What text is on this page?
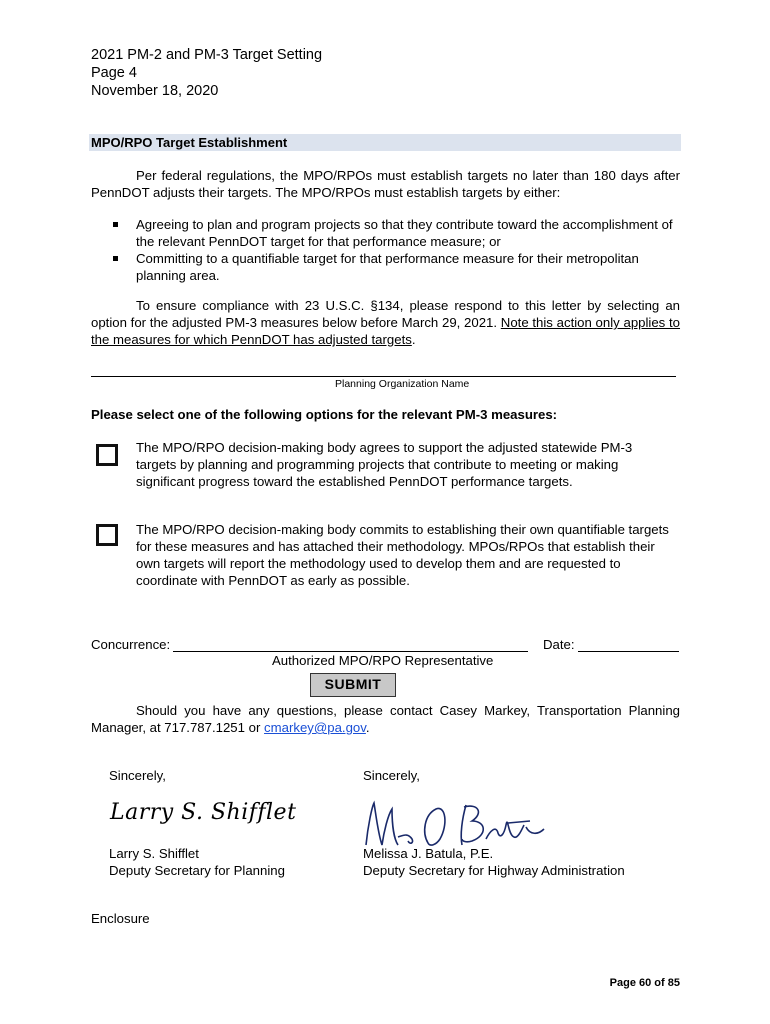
2021 PM-2 and PM-3 Target Setting
Page 4
November 18, 2020
MPO/RPO Target Establishment
Per federal regulations, the MPO/RPOs must establish targets no later than 180 days after PennDOT adjusts their targets. The MPO/RPOs must establish targets by either:
Agreeing to plan and program projects so that they contribute toward the accomplishment of the relevant PennDOT target for that performance measure; or
Committing to a quantifiable target for that performance measure for their metropolitan planning area.
To ensure compliance with 23 U.S.C. §134, please respond to this letter by selecting an option for the adjusted PM-3 measures below before March 29, 2021. Note this action only applies to the measures for which PennDOT has adjusted targets.
Planning Organization Name
Please select one of the following options for the relevant PM-3 measures:
The MPO/RPO decision-making body agrees to support the adjusted statewide PM-3 targets by planning and programming projects that contribute to meeting or making significant progress toward the established PennDOT performance targets.
The MPO/RPO decision-making body commits to establishing their own quantifiable targets for these measures and has attached their methodology. MPOs/RPOs that establish their own targets will report the methodology used to develop them and are requested to coordinate with PennDOT as early as possible.
Concurrence:	Date:
Authorized MPO/RPO Representative
SUBMIT
Should you have any questions, please contact Casey Markey, Transportation Planning Manager, at 717.787.1251 or cmarkey@pa.gov.
Sincerely,
Larry S. Shifflet
Larry S. Shifflet
Deputy Secretary for Planning
Sincerely,
Melissa J. Batula, P.E.
Deputy Secretary for Highway Administration
Enclosure
Page 60 of 85
